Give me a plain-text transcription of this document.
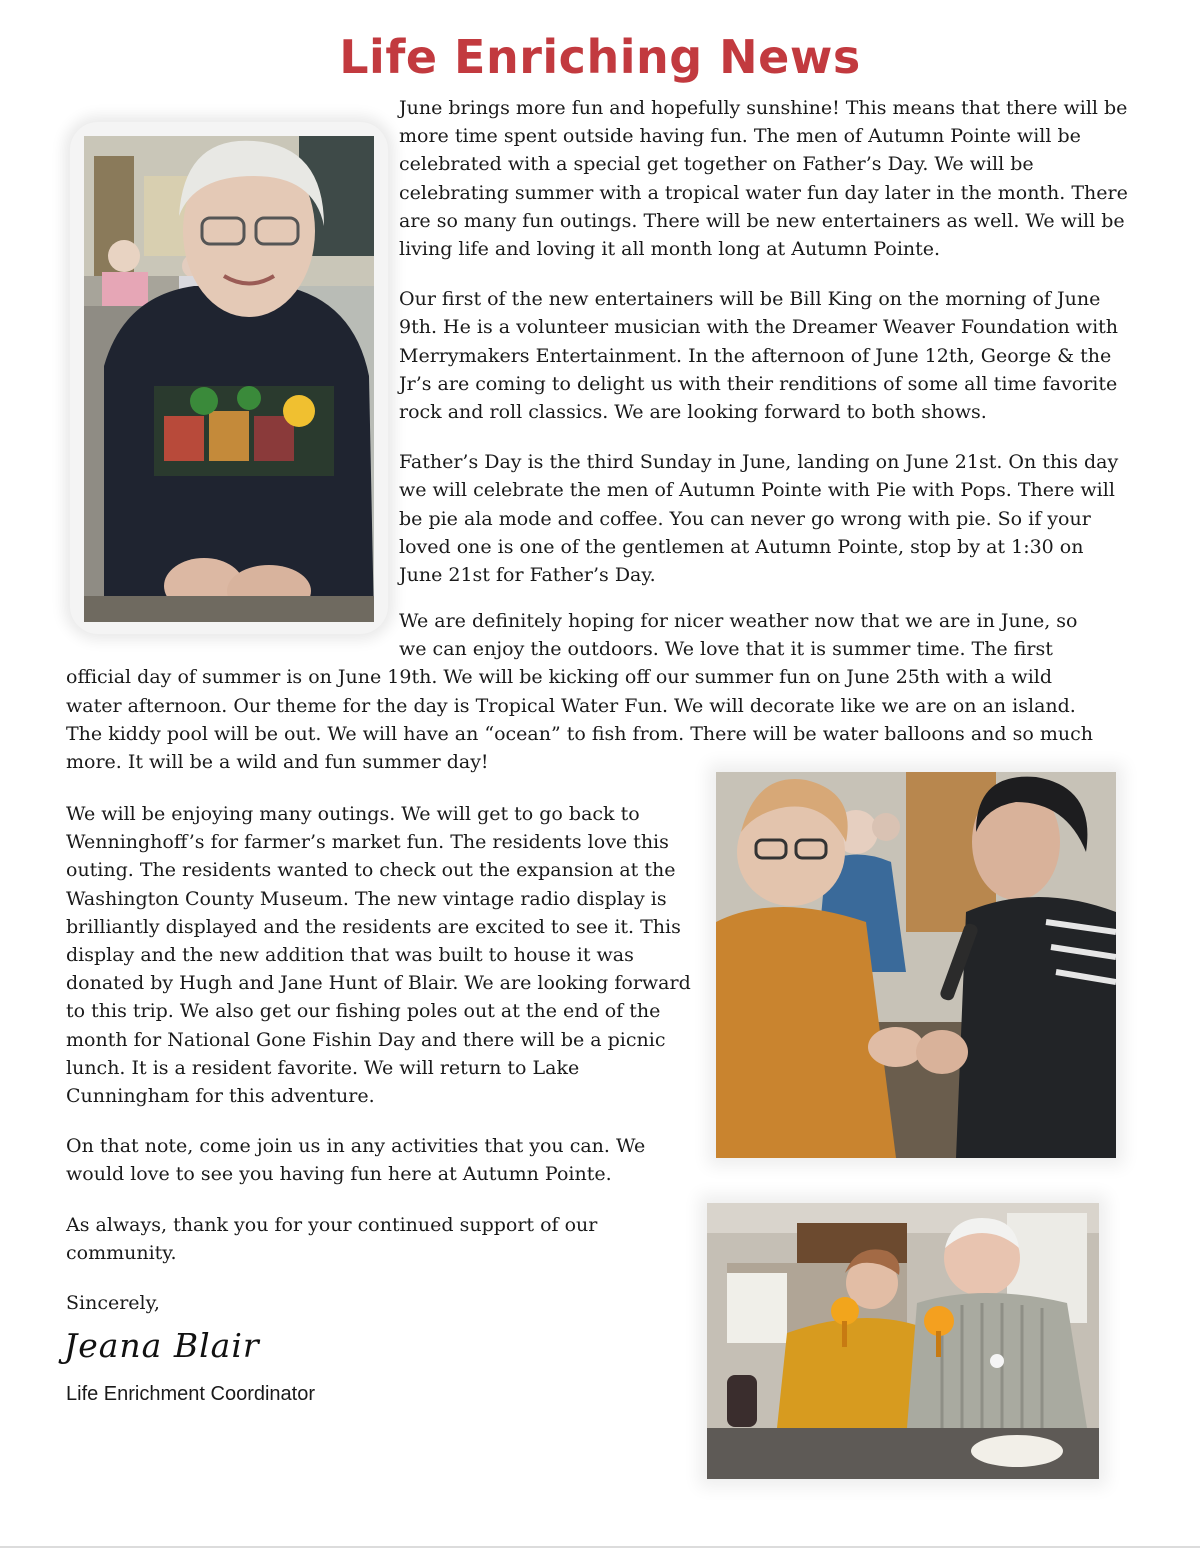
Life Enriching News

June brings more fun and hopefully sunshine! This means that there will be more time spent outside having fun. The men of Autumn Pointe will be celebrated with a special get together on Father’s Day. We will be celebrating summer with a tropical water fun day later in the month. There are so many fun outings. There will be new entertainers as well. We will be living life and loving it all month long at Autumn Pointe.

Our first of the new entertainers will be Bill King on the morning of June 9th. He is a volunteer musician with the Dreamer Weaver Foundation with Merrymakers Entertainment. In the afternoon of June 12th, George & the Jr’s are coming to delight us with their renditions of some all time favorite rock and roll classics. We are looking forward to both shows.

Father’s Day is the third Sunday in June, landing on June 21st. On this day we will celebrate the men of Autumn Pointe with Pie with Pops. There will be pie ala mode and coffee. You can never go wrong with pie. So if your loved one is one of the gentlemen at Autumn Pointe, stop by at 1:30 on June 21st for Father’s Day.

We are definitely hoping for nicer weather now that we are in June, so
we can enjoy the outdoors. We love that it is summer time. The first
official day of summer is on June 19th. We will be kicking off our summer fun on June 25th with a wild
water afternoon. Our theme for the day is Tropical Water Fun. We will decorate like we are on an island.
The kiddy pool will be out. We will have an “ocean” to fish from. There will be water balloons and so much
more. It will be a wild and fun summer day!

We will be enjoying many outings. We will get to go back to Wenninghoff’s for farmer’s market fun. The residents love this outing. The residents wanted to check out the expansion at the Washington County Museum. The new vintage radio display is brilliantly displayed and the residents are excited to see it. This display and the new addition that was built to house it was donated by Hugh and Jane Hunt of Blair. We are looking forward to this trip. We also get our fishing poles out at the end of the month for National Gone Fishin Day and there will be a picnic lunch. It is a resident favorite. We will return to Lake Cunningham for this adventure.

On that note, come join us in any activities that you can. We would love to see you having fun here at Autumn Pointe.

As always, thank you for your continued support of our community.

Sincerely,

Jeana Blair
Life Enrichment Coordinator
